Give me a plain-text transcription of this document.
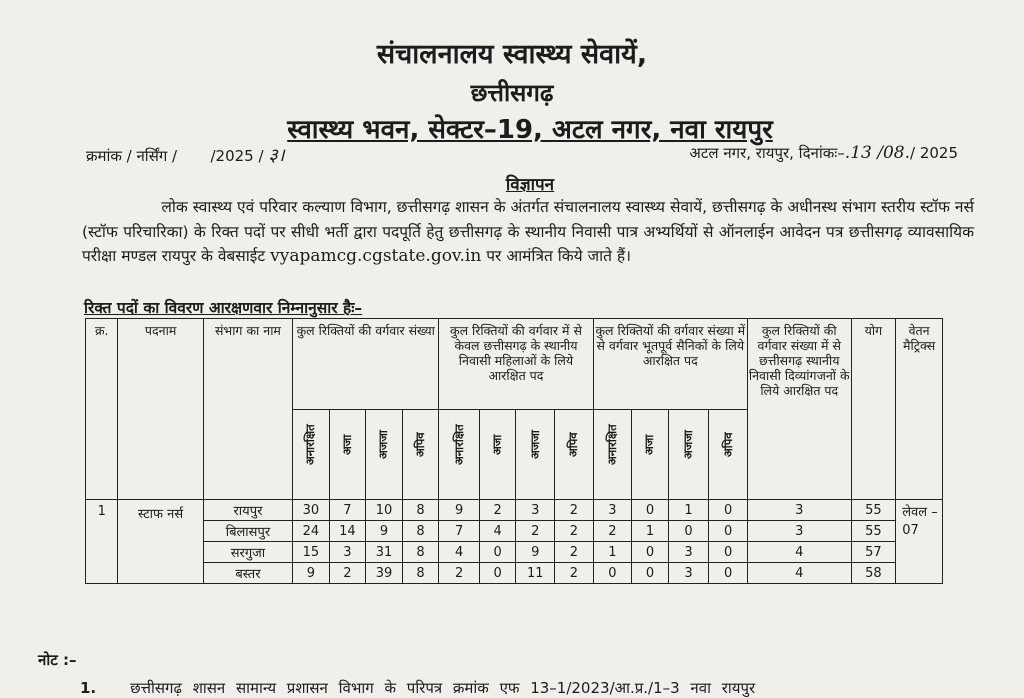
संचालनालय स्वास्थ्य सेवायें,
छत्तीसगढ़
स्वास्थ्य भवन, सेक्टर–19, अटल नगर, नवा रायपुर
क्रमांक / नर्सिंग / /2025 / ३।	अटल नगर, रायपुर, दिनांकः–.13 /08./ 2025
विज्ञापन
लोक स्वास्थ्य एवं परिवार कल्याण विभाग, छत्तीसगढ़ शासन के अंतर्गत संचालनालय स्वास्थ्य सेवायें, छत्तीसगढ़ के अधीनस्थ संभाग स्तरीय स्टॉफ नर्स (स्टॉफ परिचारिका) के रिक्त पदों पर सीधी भर्ती द्वारा पदपूर्ति हेतु छत्तीसगढ़ के स्थानीय निवासी पात्र अभ्यर्थियों से ऑनलाईन आवेदन पत्र छत्तीसगढ़ व्यावसायिक परीक्षा मण्डल रायपुर के वेबसाईट vyapamcg.cgstate.gov.in पर आमंत्रित किये जाते हैं।
रिक्त पदों का विवरण आरक्षणवार निम्नानुसार हैः–
क्र.	पदनाम	संभाग का नाम	कुल रिक्तियों की वर्गवार संख्या				कुल रिक्तियों की वर्गवार में से केवल छत्तीसगढ़ के स्थानीय निवासी महिलाओं के लिये आरक्षित पद				कुल रिक्तियों की वर्गवार संख्या में से वर्गवार भूतपूर्व सैनिकों के लिये आरक्षित पद				कुल रिक्तियों की वर्गवार संख्या में से छत्तीसगढ़ स्थानीय निवासी दिव्यांगजनों के लिये आरक्षित पद	योग	वेतन मैट्रिक्स
			अनारक्षित	अजा	अजजा	अपिव	अनारक्षित	अजा	अजजा	अपिव	अनारक्षित	अजा	अजजा	अपिव			
1	स्टाफ नर्स	रायपुर	30	7	10	8	9	2	3	2	3	0	1	0	3	55	लेवल –07
		बिलासपुर	24	14	9	8	7	4	2	2	2	1	0	0	3	55	
		सरगुजा	15	3	31	8	4	0	9	2	1	0	3	0	4	57	
		बस्तर	9	2	39	8	2	0	11	2	0	0	3	0	4	58	
नोट :–
1. छत्तीसगढ़ शासन सामान्य प्रशासन विभाग के परिपत्र क्रमांक एफ 13–1/2023/आ.प्र./1–3 नवा रायपुर
